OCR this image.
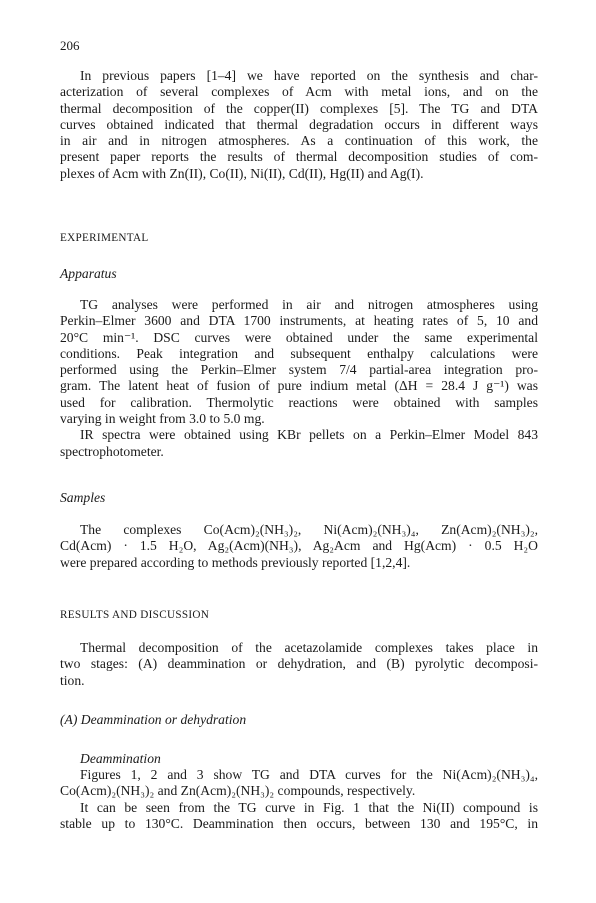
206
In previous papers [1–4] we have reported on the synthesis and char-
acterization of several complexes of Acm with metal ions, and on the
thermal decomposition of the copper(II) complexes [5]. The TG and DTA
curves obtained indicated that thermal degradation occurs in different ways
in air and in nitrogen atmospheres. As a continuation of this work, the
present paper reports the results of thermal decomposition studies of com-
plexes of Acm with Zn(II), Co(II), Ni(II), Cd(II), Hg(II) and Ag(I).
EXPERIMENTAL
Apparatus
TG analyses were performed in air and nitrogen atmospheres using
Perkin–Elmer 3600 and DTA 1700 instruments, at heating rates of 5, 10 and
20°C min⁻¹. DSC curves were obtained under the same experimental
conditions. Peak integration and subsequent enthalpy calculations were
performed using the Perkin–Elmer system 7/4 partial-area integration pro-
gram. The latent heat of fusion of pure indium metal (ΔH = 28.4 J g⁻¹) was
used for calibration. Thermolytic reactions were obtained with samples
varying in weight from 3.0 to 5.0 mg.
IR spectra were obtained using KBr pellets on a Perkin–Elmer Model 843
spectrophotometer.
Samples
The complexes Co(Acm)₂(NH₃)₂, Ni(Acm)₂(NH₃)₄, Zn(Acm)₂(NH₃)₂,
Cd(Acm) · 1.5 H₂O, Ag₂(Acm)(NH₃), Ag₂Acm and Hg(Acm) · 0.5 H₂O
were prepared according to methods previously reported [1,2,4].
RESULTS AND DISCUSSION
Thermal decomposition of the acetazolamide complexes takes place in
two stages: (A) deammination or dehydration, and (B) pyrolytic decomposi-
tion.
(A) Deammination or dehydration
Deammination
Figures 1, 2 and 3 show TG and DTA curves for the Ni(Acm)₂(NH₃)₄,
Co(Acm)₂(NH₃)₂ and Zn(Acm)₂(NH₃)₂ compounds, respectively.
It can be seen from the TG curve in Fig. 1 that the Ni(II) compound is
stable up to 130°C. Deammination then occurs, between 130 and 195°C, in
